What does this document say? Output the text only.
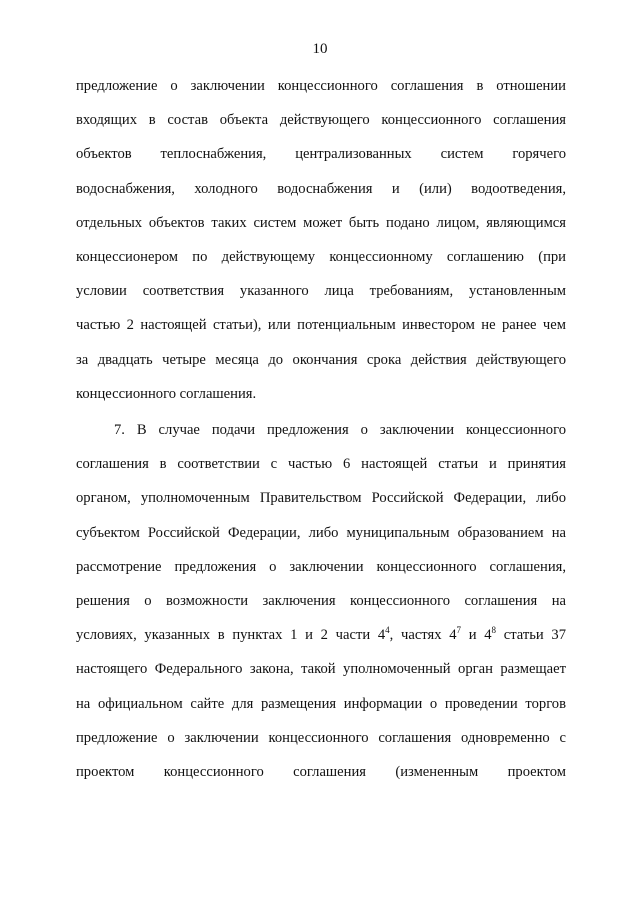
10
предложение о заключении концессионного соглашения в отношении
входящих в состав объекта действующего концессионного соглашения
объектов теплоснабжения, централизованных систем горячего
водоснабжения, холодного водоснабжения и (или) водоотведения,
отдельных объектов таких систем может быть подано лицом, являющимся
концессионером по действующему концессионному соглашению (при
условии соответствия указанного лица требованиям, установленным
частью 2 настоящей статьи), или потенциальным инвестором не ранее чем
за двадцать четыре месяца до окончания срока действия действующего
концессионного соглашения.
7. В случае подачи предложения о заключении концессионного
соглашения в соответствии с частью 6 настоящей статьи и принятия
органом, уполномоченным Правительством Российской Федерации, либо
субъектом Российской Федерации, либо муниципальным образованием на
рассмотрение предложения о заключении концессионного соглашения,
решения о возможности заключения концессионного соглашения на
условиях, указанных в пунктах 1 и 2 части $4^4$, частях $4^7$ и $4^8$ статьи 37
настоящего Федерального закона, такой уполномоченный орган размещает
на официальном сайте для размещения информации о проведении торгов
предложение о заключении концессионного соглашения одновременно с
проектом концессионного соглашения (измененным проектом
